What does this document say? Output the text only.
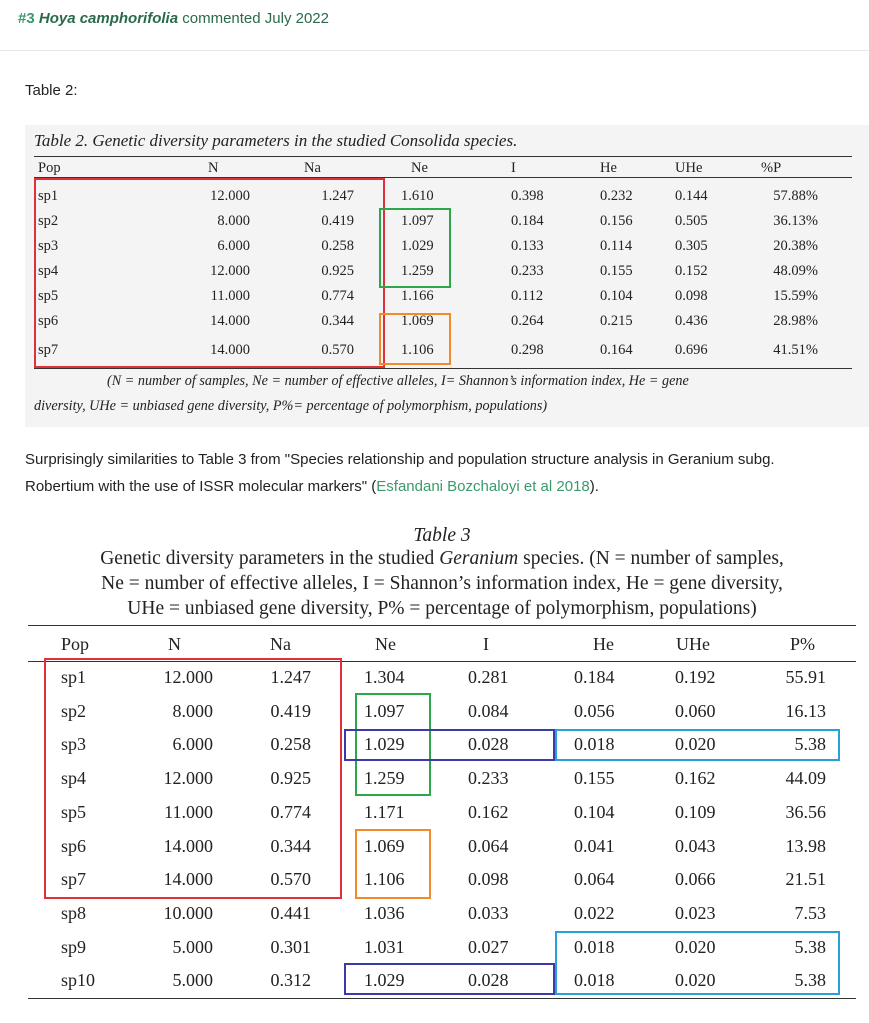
#3 Hoya camphorifolia commented July 2022
Table 2:
Table 2. Genetic diversity parameters in the studied Consolida species.
(N = number of samples, Ne = number of effective alleles, I= Shannon’s information index, He = gene
diversity, UHe = unbiased gene diversity, P%= percentage of polymorphism, populations)
Pop	N	Na	Ne	I	He	UHe	%P
sp1	12.000	1.247	1.610	0.398	0.232	0.144	57.88%
sp2	8.000	0.419	1.097	0.184	0.156	0.505	36.13%
sp3	6.000	0.258	1.029	0.133	0.114	0.305	20.38%
sp4	12.000	0.925	1.259	0.233	0.155	0.152	48.09%
sp5	11.000	0.774	1.166	0.112	0.104	0.098	15.59%
sp6	14.000	0.344	1.069	0.264	0.215	0.436	28.98%
sp7	14.000	0.570	1.106	0.298	0.164	0.696	41.51%
Surprisingly similarities to Table 3 from "Species relationship and population structure analysis in Geranium subg. Robertium with the use of ISSR molecular markers" (Esfandani Bozchaloyi et al 2018).
Table 3
Genetic diversity parameters in the studied Geranium species. (N = number of samples,
Ne = number of effective alleles, I = Shannon’s information index, He = gene diversity,
UHe = unbiased gene diversity, P% = percentage of polymorphism, populations)
Pop	N	Na	Ne	I	He	UHe	P%
sp1	12.000	1.247	1.304	0.281	0.184	0.192	55.91
sp2	8.000	0.419	1.097	0.084	0.056	0.060	16.13
sp3	6.000	0.258	1.029	0.028	0.018	0.020	5.38
sp4	12.000	0.925	1.259	0.233	0.155	0.162	44.09
sp5	11.000	0.774	1.171	0.162	0.104	0.109	36.56
sp6	14.000	0.344	1.069	0.064	0.041	0.043	13.98
sp7	14.000	0.570	1.106	0.098	0.064	0.066	21.51
sp8	10.000	0.441	1.036	0.033	0.022	0.023	7.53
sp9	5.000	0.301	1.031	0.027	0.018	0.020	5.38
sp10	5.000	0.312	1.029	0.028	0.018	0.020	5.38
